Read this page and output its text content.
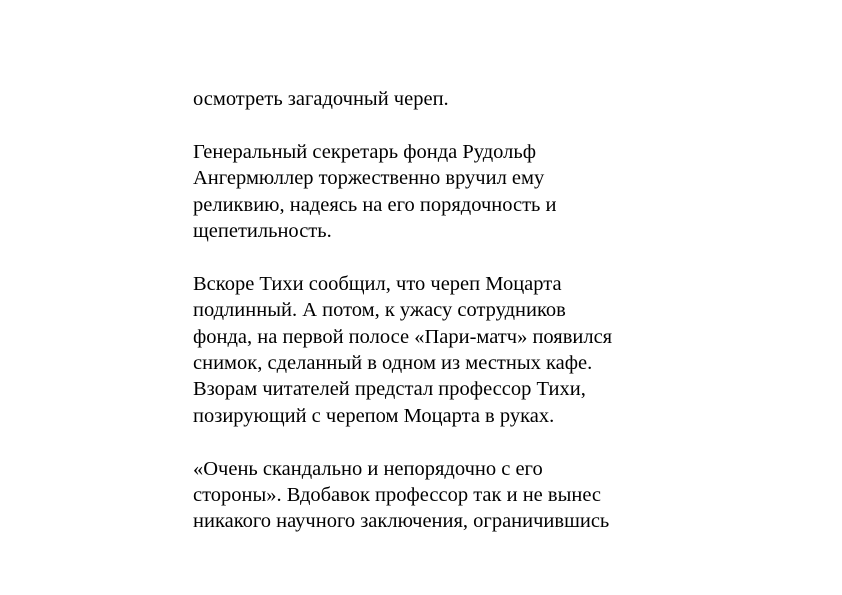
осмотреть загадочный череп.

Генеральный секретарь фонда Рудольф
Ангермюллер торжественно вручил ему
реликвию, надеясь на его порядочность и
щепетильность.

Вскоре Тихи сообщил, что череп Моцарта
подлинный. А потом, к ужасу сотрудников
фонда, на первой полосе «Пари-матч» появился
снимок, сделанный в одном из местных кафе.
Взорам читателей предстал профессор Тихи,
позирующий с черепом Моцарта в руках.

«Очень скандально и непорядочно с его
стороны». Вдобавок профессор так и не вынес
никакого научного заключения, ограничившись
